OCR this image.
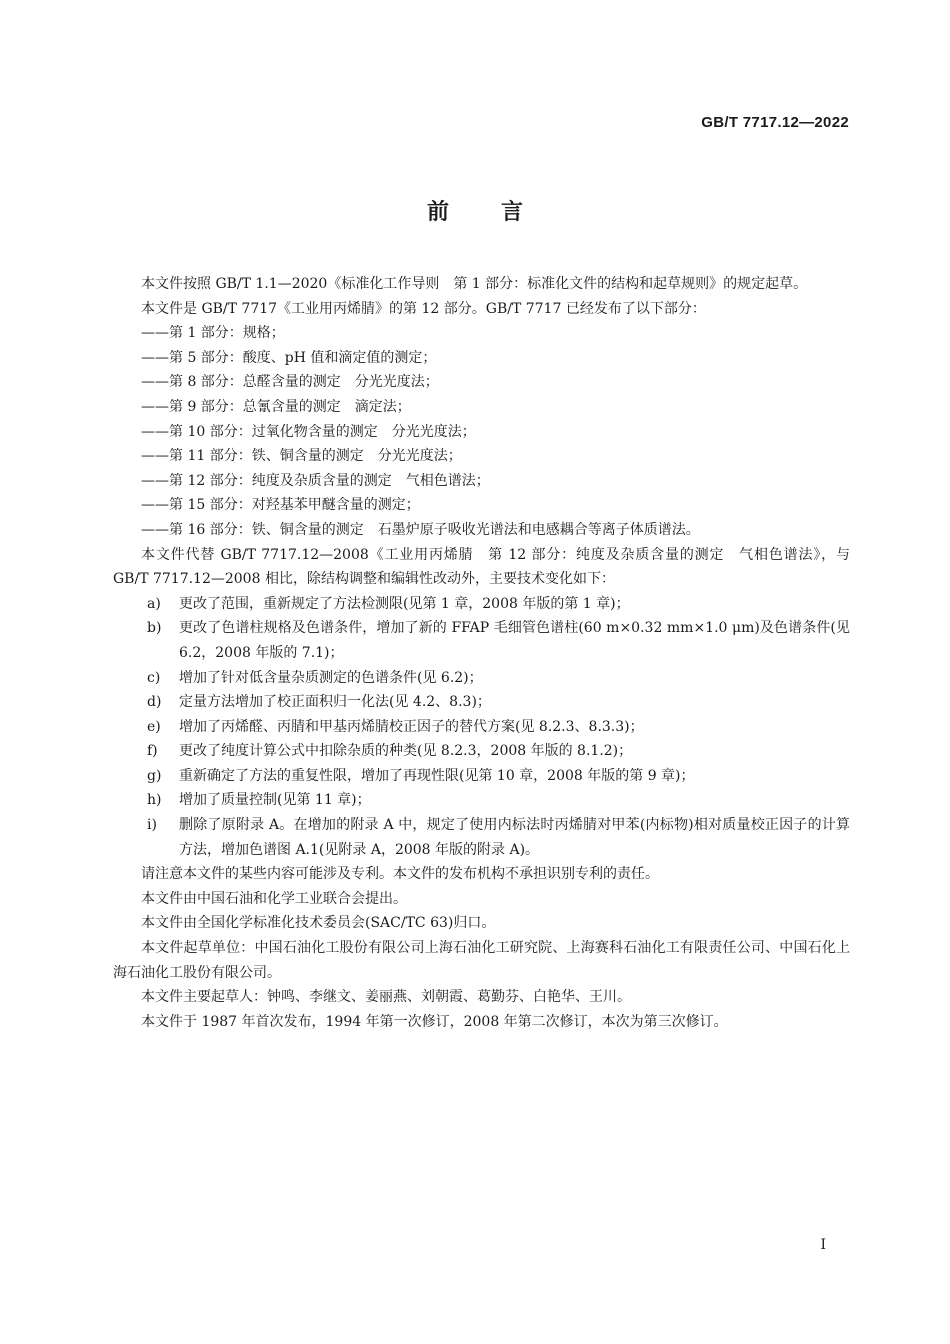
GB/T 7717.12—2022
前言

本文件按照 GB/T 1.1—2020《标准化工作导则　第 1 部分：标准化文件的结构和起草规则》的规定起草。

本文件是 GB/T 7717《工业用丙烯腈》的第 12 部分。GB/T 7717 已经发布了以下部分：

——第 1 部分：规格；

——第 5 部分：酸度、pH 值和滴定值的测定；

——第 8 部分：总醛含量的测定　分光光度法；

——第 9 部分：总氰含量的测定　滴定法；

——第 10 部分：过氧化物含量的测定　分光光度法；

——第 11 部分：铁、铜含量的测定　分光光度法；

——第 12 部分：纯度及杂质含量的测定　气相色谱法；

——第 15 部分：对羟基苯甲醚含量的测定；

——第 16 部分：铁、铜含量的测定　石墨炉原子吸收光谱法和电感耦合等离子体质谱法。

本文件代替 GB/T 7717.12—2008《工业用丙烯腈　第 12 部分：纯度及杂质含量的测定　气相色谱法》，与 GB/T 7717.12—2008 相比，除结构调整和编辑性改动外，主要技术变化如下：

a) 更改了范围，重新规定了方法检测限(见第 1 章，2008 年版的第 1 章)；

b) 更改了色谱柱规格及色谱条件，增加了新的 FFAP 毛细管色谱柱(60 m×0.32 mm×1.0 μm)及色谱条件(见 6.2，2008 年版的 7.1)；

c) 增加了针对低含量杂质测定的色谱条件(见 6.2)；

d) 定量方法增加了校正面积归一化法(见 4.2、8.3)；

e) 增加了丙烯醛、丙腈和甲基丙烯腈校正因子的替代方案(见 8.2.3、8.3.3)；

f) 更改了纯度计算公式中扣除杂质的种类(见 8.2.3，2008 年版的 8.1.2)；

g) 重新确定了方法的重复性限，增加了再现性限(见第 10 章，2008 年版的第 9 章)；

h) 增加了质量控制(见第 11 章)；

i) 删除了原附录 A。在增加的附录 A 中，规定了使用内标法时丙烯腈对甲苯(内标物)相对质量校正因子的计算方法，增加色谱图 A.1(见附录 A，2008 年版的附录 A)。

请注意本文件的某些内容可能涉及专利。本文件的发布机构不承担识别专利的责任。

本文件由中国石油和化学工业联合会提出。

本文件由全国化学标准化技术委员会(SAC/TC 63)归口。

本文件起草单位：中国石油化工股份有限公司上海石油化工研究院、上海赛科石油化工有限责任公司、中国石化上海石油化工股份有限公司。

本文件主要起草人：钟鸣、李继文、姜丽燕、刘朝霞、葛勤芬、白艳华、王川。

本文件于 1987 年首次发布，1994 年第一次修订，2008 年第二次修订，本次为第三次修订。

I
